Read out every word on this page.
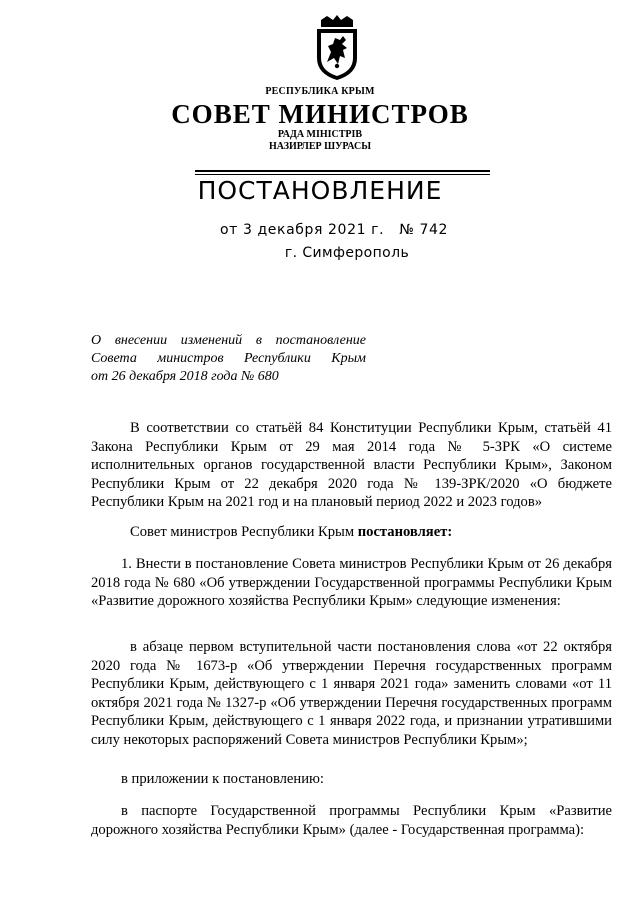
РЕСПУБЛИКА КРЫМ
СОВЕТ МИНИСТРОВ
РАДА МІНІСТРІВ
НАЗИРЛЕР ШУРАСЫ
ПОСТАНОВЛЕНИЕ
от 3 декабря 2021 г.   № 742
г. Симферополь
О внесении изменений в постановление
Совета министров Республики Крым
от 26 декабря 2018 года № 680
В соответствии со статьёй 84 Конституции Республики Крым, статьёй 41 Закона Республики Крым от 29 мая 2014 года № 5-ЗРК «О системе исполнительных органов государственной власти Республики Крым», Законом Республики Крым от 22 декабря 2020 года № 139-ЗРК/2020 «О бюджете Республики Крым на 2021 год и на плановый период 2022 и 2023 годов»
Совет министров Республики Крым постановляет:
1. Внести в постановление Совета министров Республики Крым от 26 декабря 2018 года № 680 «Об утверждении Государственной программы Республики Крым «Развитие дорожного хозяйства Республики Крым» следующие изменения:
в абзаце первом вступительной части постановления слова «от 22 октября 2020 года № 1673-р «Об утверждении Перечня государственных программ Республики Крым, действующего с 1 января 2021 года» заменить словами «от 11 октября 2021 года № 1327-р «Об утверждении Перечня государственных программ Республики Крым, действующего с 1 января 2022 года, и признании утратившими силу некоторых распоряжений Совета министров Республики Крым»;
в приложении к постановлению:
в паспорте Государственной программы Республики Крым «Развитие дорожного хозяйства Республики Крым» (далее - Государственная программа):
